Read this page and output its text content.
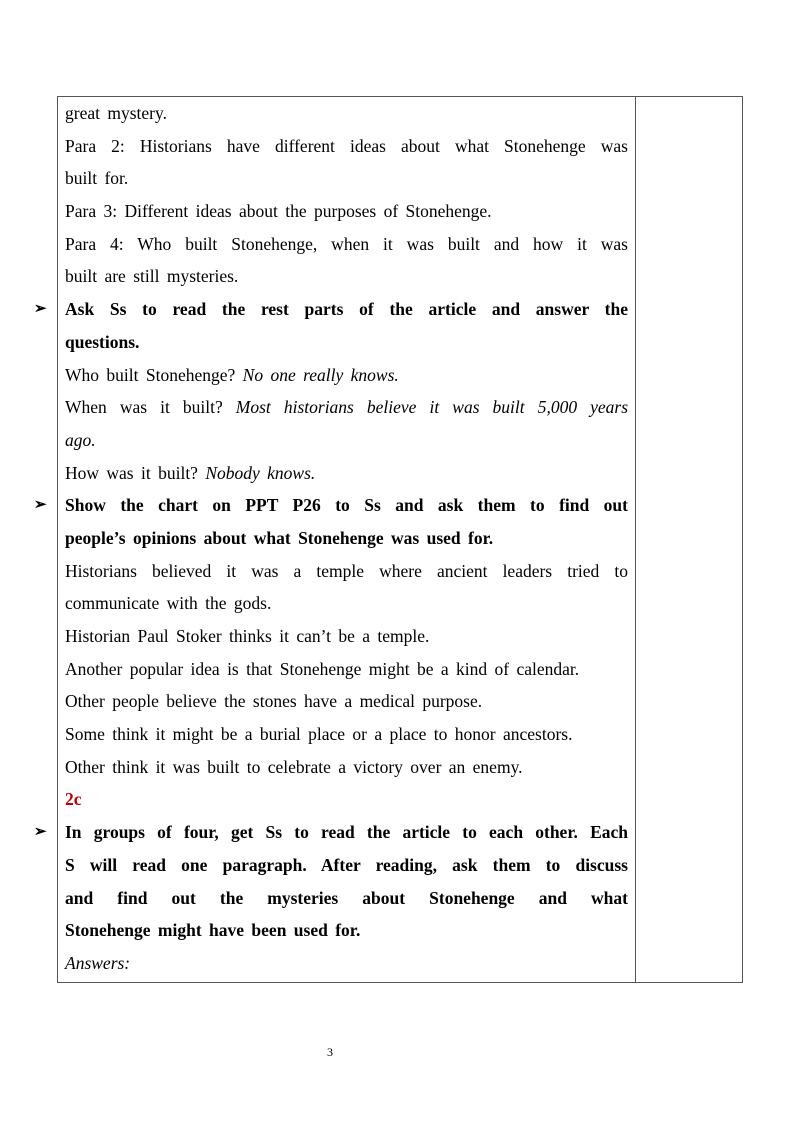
great mystery.
Para 2: Historians have different ideas about what Stonehenge was
built for.
Para 3: Different ideas about the purposes of Stonehenge.
Para 4: Who built Stonehenge, when it was built and how it was
built are still mysteries.
➢ Ask Ss to read the rest parts of the article and answer the
questions.
Who built Stonehenge? No one really knows.
When was it built? Most historians believe it was built 5,000 years
ago.
How was it built? Nobody knows.
➢ Show the chart on PPT P26 to Ss and ask them to find out
people’s opinions about what Stonehenge was used for.
Historians believed it was a temple where ancient leaders tried to
communicate with the gods.
Historian Paul Stoker thinks it can’t be a temple.
Another popular idea is that Stonehenge might be a kind of calendar.
Other people believe the stones have a medical purpose.
Some think it might be a burial place or a place to honor ancestors.
Other think it was built to celebrate a victory over an enemy.
2c
➢ In groups of four, get Ss to read the article to each other. Each
S will read one paragraph. After reading, ask them to discuss
and find out the mysteries about Stonehenge and what
Stonehenge might have been used for.
Answers:
3
